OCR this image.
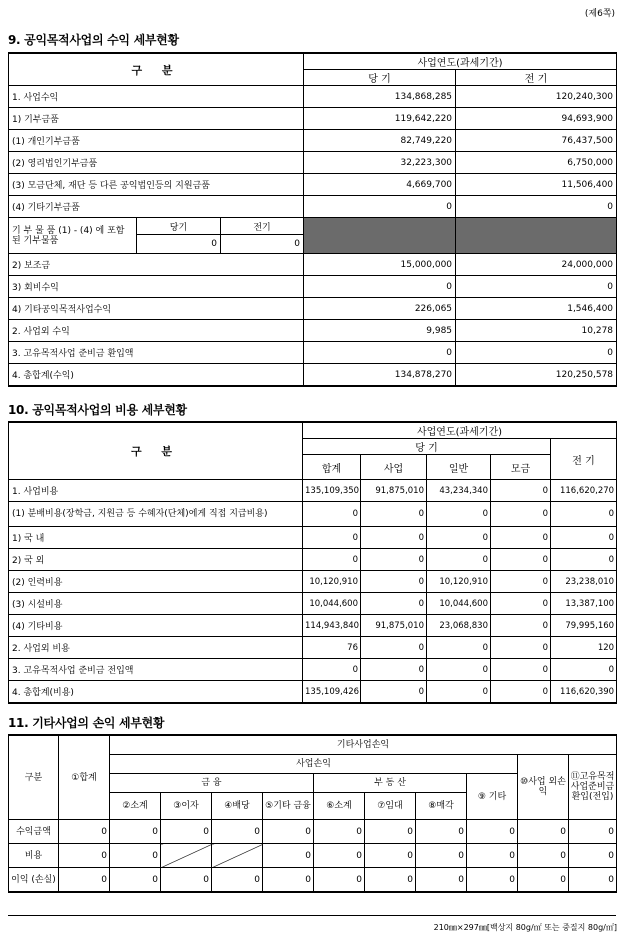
(제6쪽)
9. 공익목적사업의 수익 세부현황
구 분			사업연도(과세기간)	
			당 기	전 기
1. 사업수익			134,868,285	120,240,300
1) 기부금품			119,642,220	94,693,900
(1) 개인기부금품			82,749,220	76,437,500
(2) 영리법인기부금품			32,223,300	6,750,000
(3) 모금단체, 재단 등 다른 공익법인등의 지원금품			4,669,700	11,506,400
(4) 기타기부금품			0	0
기 부 물 품 (1) - (4) 에 포함된 기부물품	당기	전기		
	0	0		
2) 보조금			15,000,000	24,000,000
3) 회비수익			0	0
4) 기타공익목적사업수익			226,065	1,546,400
2. 사업외 수익			9,985	10,278
3. 고유목적사업 준비금 환입액			0	0
4. 총합계(수익)			134,878,270	120,250,578
10. 공익목적사업의 비용 세부현황
구 분	사업연도(과세기간)				
	당 기				전 기
	합계	사업	일반	모금	
1. 사업비용	135,109,350	91,875,010	43,234,340	0	116,620,270
(1) 분배비용(장학금, 지원금 등 수혜자(단체)에게 직접 지급비용)	0	0	0	0	0
1) 국 내	0	0	0	0	0
2) 국 외	0	0	0	0	0
(2) 인력비용	10,120,910	0	10,120,910	0	23,238,010
(3) 시설비용	10,044,600	0	10,044,600	0	13,387,100
(4) 기타비용	114,943,840	91,875,010	23,068,830	0	79,995,160
2. 사업외 비용	76	0	0	0	120
3. 고유목적사업 준비금 전입액	0	0	0	0	0
4. 총합계(비용)	135,109,426	0	0	0	116,620,390
11. 기타사업의 손익 세부현황
구분	①합계	기타사업손익									
		사업손익								⑩사업 외손익	⑪고유목적사업준비금환입(전입)
		금 융				부 동 산			⑨ 기타		
		②소계	③이자	④배당	⑤기타 금융	⑥소계	⑦임대	⑧매각			
수익금액	0	0	0	0	0	0	0	0	0	0	0
비용	0	0			0	0	0	0	0	0	0
이익 (손실)	0	0	0	0	0	0	0	0	0	0	0
210㎜×297㎜[백상지 80g/㎡ 또는 중질지 80g/㎡]
